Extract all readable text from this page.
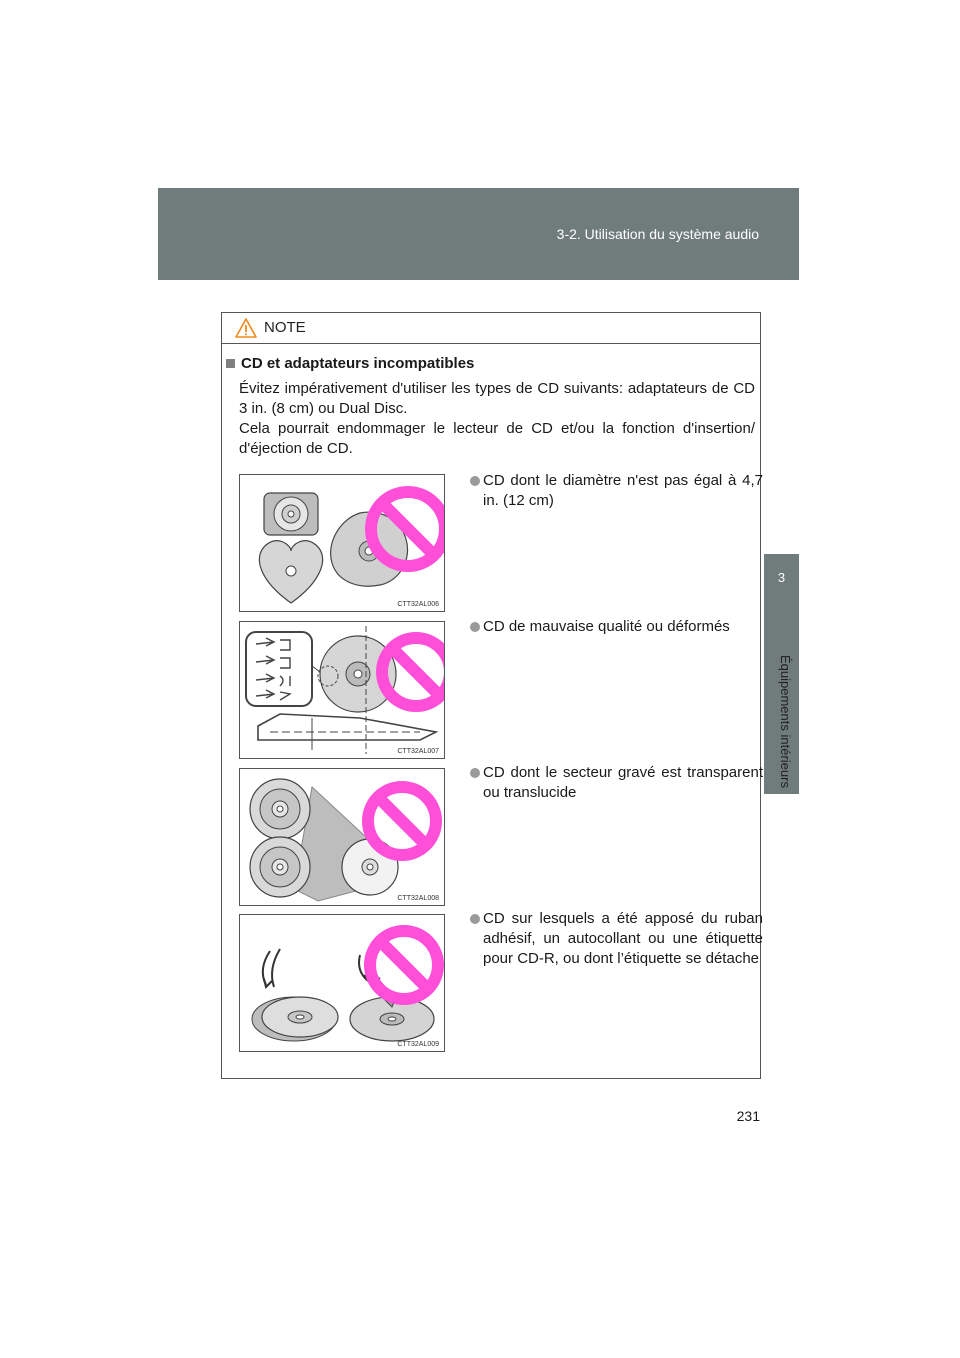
3-2. Utilisation du système audio
3
Équipements intérieurs
NOTE
CD et adaptateurs incompatibles
Évitez impérativement d'utiliser les types de CD suivants: adaptateurs de CD 3 in. (8 cm) ou Dual Disc.
Cela pourrait endommager le lecteur de CD et/ou la fonction d'insertion/ d'éjection de CD.
CTT32AL006
CD dont le diamètre n'est pas égal à 4,7 in. (12 cm)
CTT32AL007
CD de mauvaise qualité ou déformés
CTT32AL008
CD dont le secteur gravé est transparent ou translucide
CTT32AL009
CD sur lesquels a été apposé du ruban adhésif, un autocollant ou une étiquette pour CD-R, ou dont l’étiquette se détache
231
